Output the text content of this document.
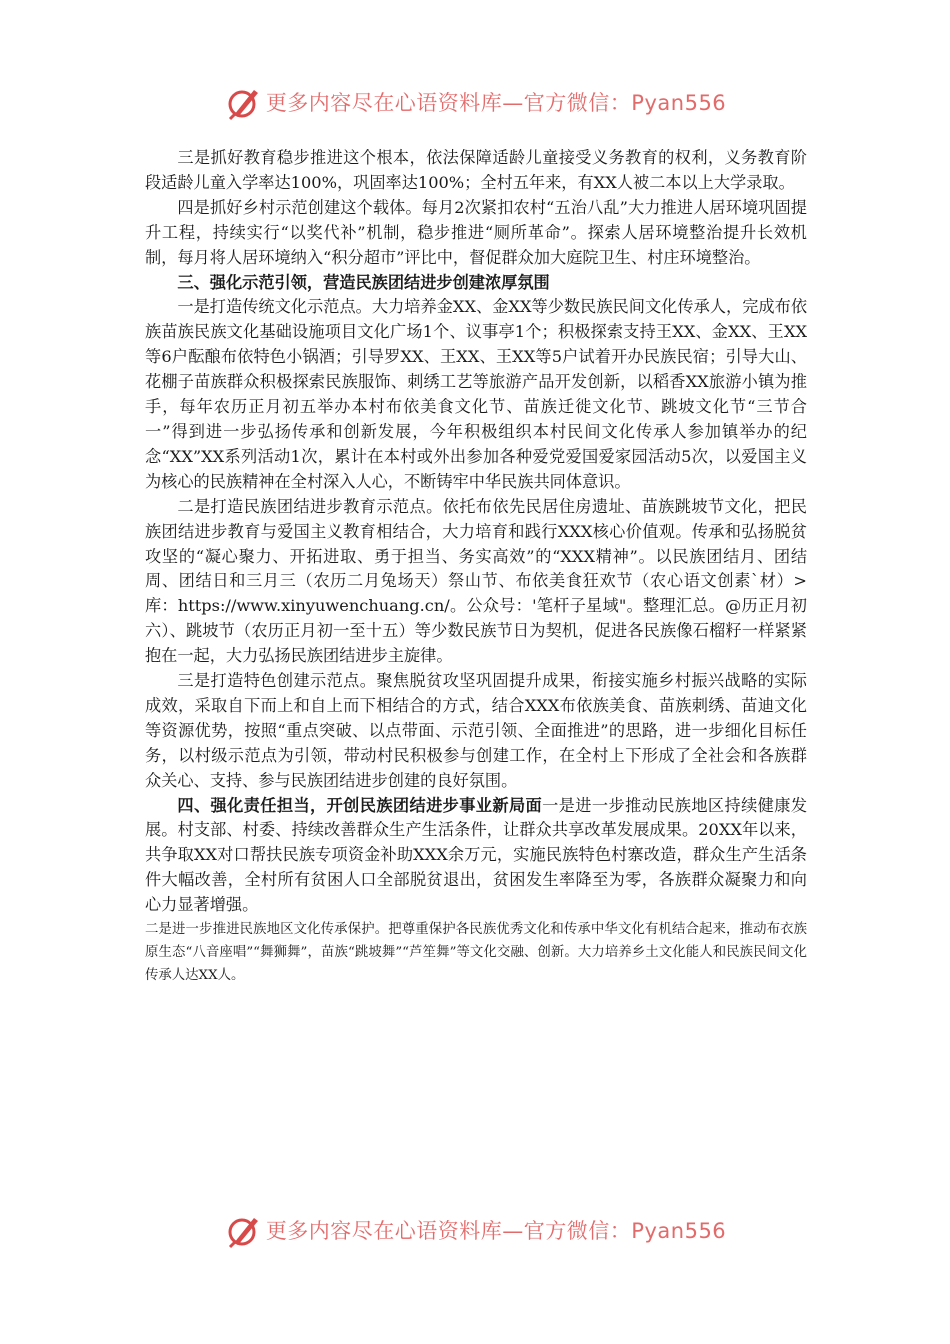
更多内容尽在心语资料库—官方微信：Pyan556

三是抓好教育稳步推进这个根本，依法保障适龄儿童接受义务教育的权利，义务教育阶段适龄儿童入学率达100%，巩固率达100%；全村五年来，有XX人被二本以上大学录取。

四是抓好乡村示范创建这个载体。每月2次紧扣农村“五治八乱”大力推进人居环境巩固提升工程，持续实行“以奖代补”机制，稳步推进“厕所革命”。探索人居环境整治提升长效机制，每月将人居环境纳入“积分超市”评比中，督促群众加大庭院卫生、村庄环境整治。

三、强化示范引领，营造民族团结进步创建浓厚氛围

一是打造传统文化示范点。大力培养金XX、金XX等少数民族民间文化传承人，完成布依族苗族民族文化基础设施项目文化广场1个、议事亭1个；积极探索支持王XX、金XX、王XX等6户酝酿布依特色小锅酒；引导罗XX、王XX、王XX等5户试着开办民族民宿；引导大山、花棚子苗族群众积极探索民族服饰、刺绣工艺等旅游产品开发创新，以稻香XX旅游小镇为推手，每年农历正月初五举办本村布依美食文化节、苗族迁徙文化节、跳坡文化节“三节合一”得到进一步弘扬传承和创新发展，今年积极组织本村民间文化传承人参加镇举办的纪念“XX”XX系列活动1次，累计在本村或外出参加各种爱党爱国爱家园活动5次，以爱国主义为核心的民族精神在全村深入人心，不断铸牢中华民族共同体意识。

二是打造民族团结进步教育示范点。依托布依先民居住房遗址、苗族跳坡节文化，把民族团结进步教育与爱国主义教育相结合，大力培育和践行XXX核心价值观。传承和弘扬脱贫攻坚的“凝心聚力、开拓进取、勇于担当、务实高效”的“XXX精神”。以民族团结月、团结周、团结日和三月三（农历二月兔场天）祭山节、布依美食狂欢节（农心语文创素`材）>库：https://www.xinyuwenchuang.cn/。公众号：'笔杆子星域"。整理汇总。@历正月初六）、跳坡节（农历正月初一至十五）等少数民族节日为契机，促进各民族像石榴籽一样紧紧抱在一起，大力弘扬民族团结进步主旋律。

三是打造特色创建示范点。聚焦脱贫攻坚巩固提升成果，衔接实施乡村振兴战略的实际成效，采取自下而上和自上而下相结合的方式，结合XXX布依族美食、苗族刺绣、苗迪文化等资源优势，按照“重点突破、以点带面、示范引领、全面推进”的思路，进一步细化目标任务，以村级示范点为引领，带动村民积极参与创建工作，在全村上下形成了全社会和各族群众关心、支持、参与民族团结进步创建的良好氛围。

四、强化责任担当，开创民族团结进步事业新局面一是进一步推动民族地区持续健康发展。村支部、村委、持续改善群众生产生活条件，让群众共享改革发展成果。20XX年以来，共争取XX对口帮扶民族专项资金补助XXX余万元，实施民族特色村寨改造，群众生产生活条件大幅改善，全村所有贫困人口全部脱贫退出，贫困发生率降至为零，各族群众凝聚力和向心力显著增强。

二是进一步推进民族地区文化传承保护。把尊重保护各民族优秀文化和传承中华文化有机结合起来，推动布衣族原生态“八音座唱”“舞狮舞”，苗族“跳坡舞”“芦笙舞”等文化交融、创新。大力培养乡土文化能人和民族民间文化传承人达XX人。

更多内容尽在心语资料库—官方微信：Pyan556
